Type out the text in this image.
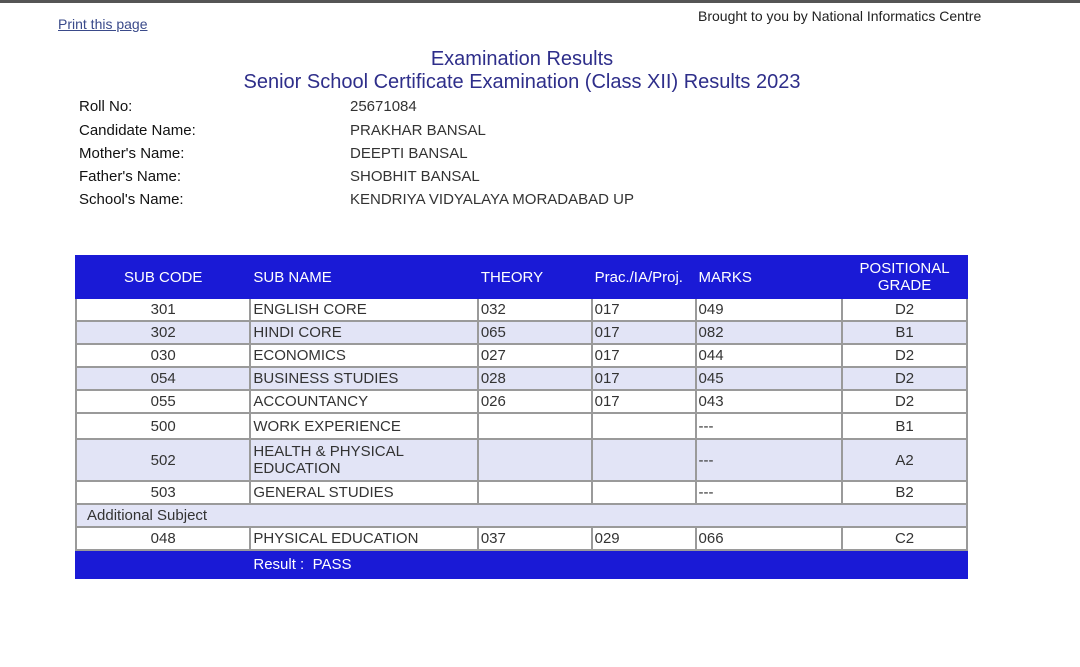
Print this page	Brought to you by National Informatics Centre
Examination Results
Senior School Certificate Examination (Class XII) Results 2023
Roll No:	25671084
Candidate Name:	PRAKHAR BANSAL
Mother's Name:	DEEPTI BANSAL
Father's Name:	SHOBHIT BANSAL
School's Name:	KENDRIYA VIDYALAYA MORADABAD UP
SUB CODE	SUB NAME	THEORY	Prac./IA/Proj.	MARKS	POSITIONAL GRADE
301	ENGLISH CORE	032	017	049	D2
302	HINDI CORE	065	017	082	B1
030	ECONOMICS	027	017	044	D2
054	BUSINESS STUDIES	028	017	045	D2
055	ACCOUNTANCY	026	017	043	D2
500	WORK EXPERIENCE			---	B1
502	HEALTH & PHYSICAL EDUCATION			---	A2
503	GENERAL STUDIES			---	B2
Additional Subject					
048	PHYSICAL EDUCATION	037	029	066	C2
	Result : PASS				
